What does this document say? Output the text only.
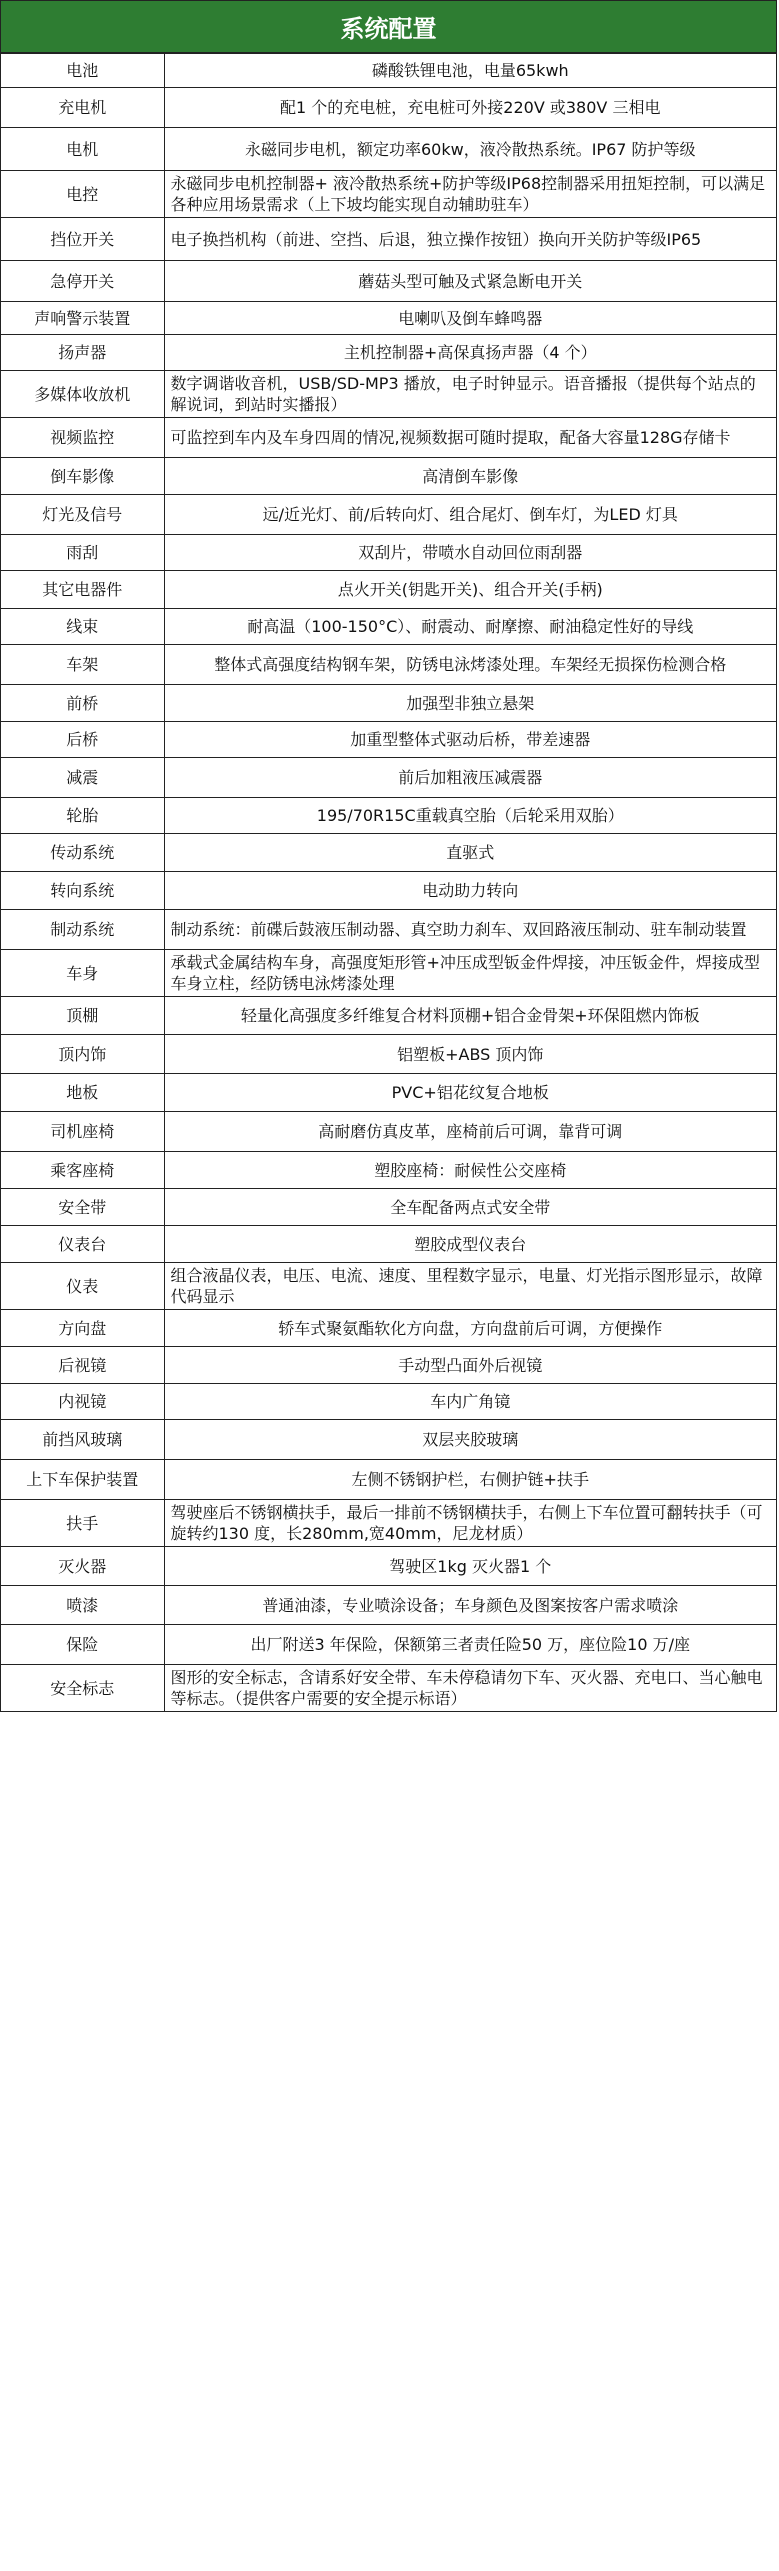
系统配置
电池	磷酸铁锂电池，电量65kwh
充电机	配1 个的充电桩，充电桩可外接220V 或380V 三相电
电机	永磁同步电机，额定功率60kw，液冷散热系统。IP67 防护等级
电控	永磁同步电机控制器+ 液冷散热系统+防护等级IP68控制器采用扭矩控制，可以满足各种应用场景需求（上下坡均能实现自动辅助驻车）
挡位开关	电子换挡机构（前进、空挡、后退，独立操作按钮）换向开关防护等级IP65
急停开关	蘑菇头型可触及式紧急断电开关
声响警示装置	电喇叭及倒车蜂鸣器
扬声器	主机控制器+高保真扬声器（4 个）
多媒体收放机	数字调谐收音机，USB/SD-MP3 播放，电子时钟显示。语音播报（提供每个站点的解说词，到站时实播报）
视频监控	可监控到车内及车身四周的情况,视频数据可随时提取，配备大容量128G存储卡
倒车影像	高清倒车影像
灯光及信号	远/近光灯、前/后转向灯、组合尾灯、倒车灯，为LED 灯具
雨刮	双刮片，带喷水自动回位雨刮器
其它电器件	点火开关(钥匙开关)、组合开关(手柄)
线束	耐高温（100-150°C）、耐震动、耐摩擦、耐油稳定性好的导线
车架	整体式高强度结构钢车架，防锈电泳烤漆处理。车架经无损探伤检测合格
前桥	加强型非独立悬架
后桥	加重型整体式驱动后桥，带差速器
减震	前后加粗液压减震器
轮胎	195/70R15C重载真空胎（后轮采用双胎）
传动系统	直驱式
转向系统	电动助力转向
制动系统	制动系统：前碟后鼓液压制动器、真空助力刹车、双回路液压制动、驻车制动装置
车身	承载式金属结构车身，高强度矩形管+冲压成型钣金件焊接，冲压钣金件，焊接成型车身立柱，经防锈电泳烤漆处理
顶棚	轻量化高强度多纤维复合材料顶棚+铝合金骨架+环保阻燃内饰板
顶内饰	铝塑板+ABS 顶内饰
地板	PVC+铝花纹复合地板
司机座椅	高耐磨仿真皮革，座椅前后可调，靠背可调
乘客座椅	塑胶座椅：耐候性公交座椅
安全带	全车配备两点式安全带
仪表台	塑胶成型仪表台
仪表	组合液晶仪表，电压、电流、速度、里程数字显示，电量、灯光指示图形显示，故障代码显示
方向盘	轿车式聚氨酯软化方向盘，方向盘前后可调，方便操作
后视镜	手动型凸面外后视镜
内视镜	车内广角镜
前挡风玻璃	双层夹胶玻璃
上下车保护装置	左侧不锈钢护栏，右侧护链+扶手
扶手	驾驶座后不锈钢横扶手，最后一排前不锈钢横扶手，右侧上下车位置可翻转扶手（可旋转约130 度，长280mm,宽40mm，尼龙材质）
灭火器	驾驶区1kg 灭火器1 个
喷漆	普通油漆，专业喷涂设备；车身颜色及图案按客户需求喷涂
保险	出厂附送3 年保险，保额第三者责任险50 万，座位险10 万/座
安全标志	图形的安全标志，含请系好安全带、车未停稳请勿下车、灭火器、充电口、当心触电等标志。（提供客户需要的安全提示标语）
